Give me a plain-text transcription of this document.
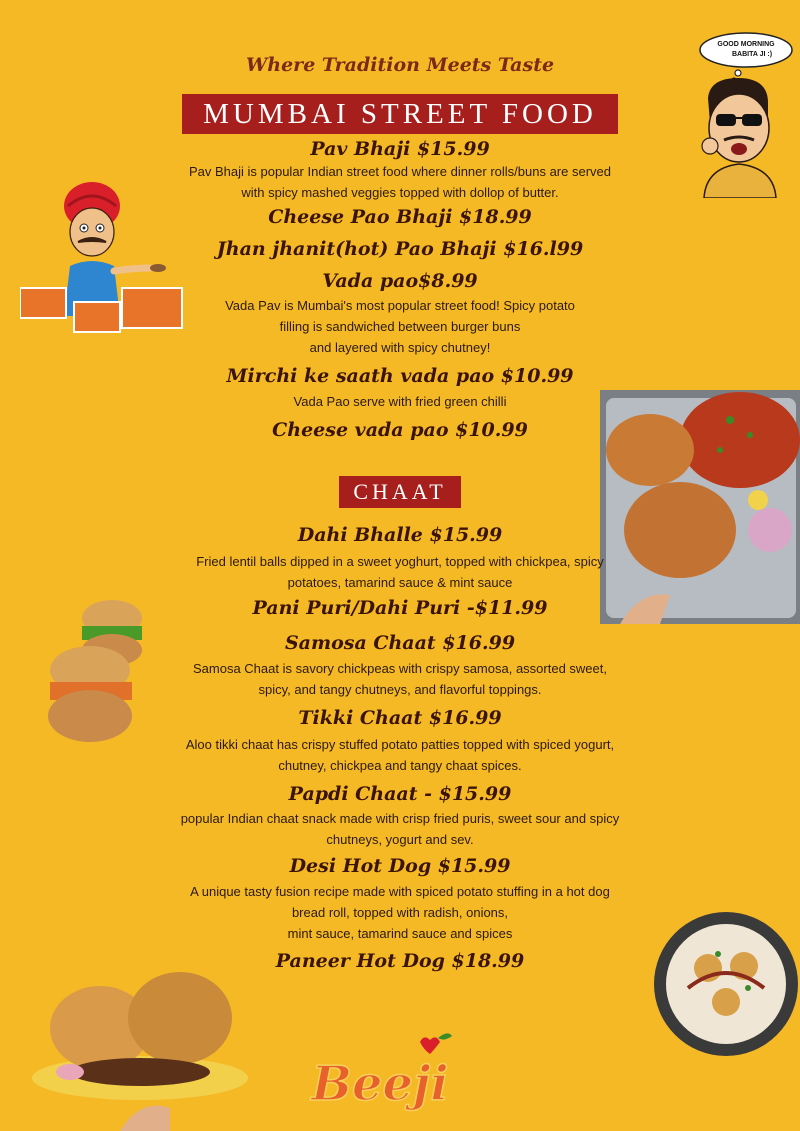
Where Tradition Meets Taste
GOOD MORNING
BABITA JI :)
MUMBAI STREET FOOD
Pav Bhaji $15.99
Pav Bhaji is popular Indian street food where dinner rolls/buns are served
with spicy mashed veggies topped with dollop of butter.
Cheese Pao Bhaji $18.99
Jhan jhanit(hot) Pao Bhaji $16.l99
Vada pao$8.99
Vada Pav is Mumbai's most popular street food! Spicy potato
filling is sandwiched between burger buns
and layered with spicy chutney!
Mirchi ke saath vada pao $10.99
Vada Pao serve with fried green chilli
Cheese vada pao $10.99
CHAAT
Dahi Bhalle $15.99
Fried lentil balls dipped in a sweet yoghurt, topped with chickpea, spicy
potatoes, tamarind sauce & mint sauce
Pani Puri/Dahi Puri -$11.99
Samosa Chaat $16.99
Samosa Chaat is savory chickpeas with crispy samosa, assorted sweet,
spicy, and tangy chutneys, and flavorful toppings.
Tikki Chaat $16.99
Aloo tikki chaat has crispy stuffed potato patties topped with spiced yogurt,
chutney, chickpea and tangy chaat spices.
Papdi Chaat - $15.99
popular Indian chaat snack made with crisp fried puris, sweet sour and spicy
chutneys, yogurt and sev.
Desi Hot Dog $15.99
A unique tasty fusion recipe made with spiced potato stuffing in a hot dog
bread roll, topped with radish, onions,
mint sauce, tamarind sauce and spices
Paneer Hot Dog $18.99
Beeji
